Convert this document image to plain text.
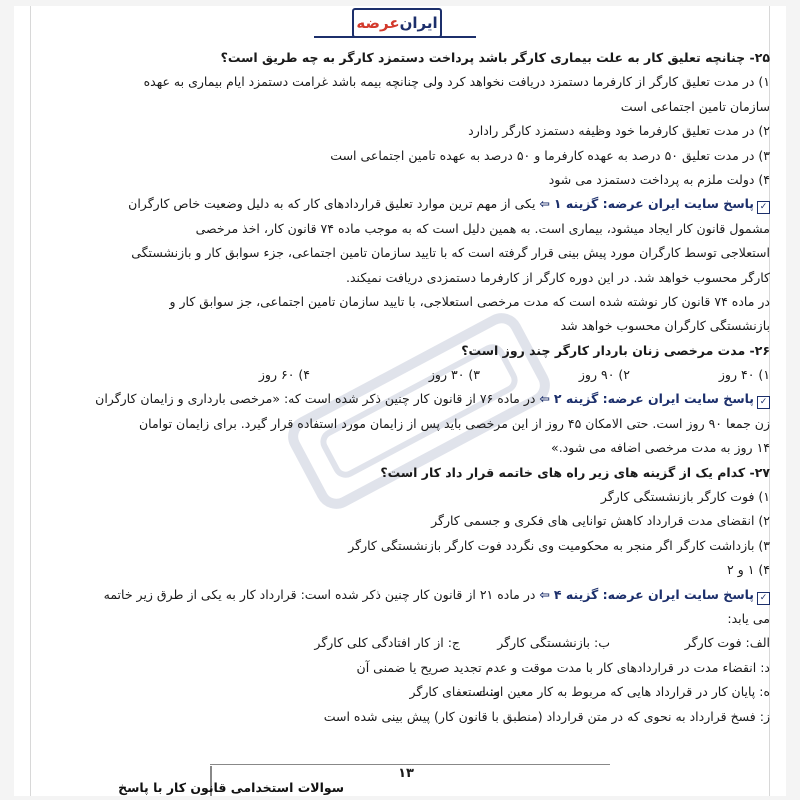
ایران
عرضه
۲۵- چنانچه تعلیق کار به علت بیماری کارگر باشد پرداخت دستمزد کارگر به چه طریق است؟
۱) در مدت تعلیق کارگر از کارفرما دستمزد دریافت نخواهد کرد ولی چنانچه بیمه باشد غرامت دستمزد ایام بیماری به عهده
سازمان تامین اجتماعی است
۲) در مدت تعلیق کارفرما خود وظیفه دستمزد کارگر رادارد
۳) در مدت تعلیق ۵۰ درصد به عهده کارفرما و ۵۰ درصد به عهده تامین اجتماعی است
۴) دولت ملزم به پرداخت دستمزد می شود
✓پاسخ سایت ایران عرضه: گزینه ۱ ⇦ یکی از مهم ترین موارد تعلیق قراردادهای کار که به دلیل وضعیت خاص کارگران
مشمول قانون کار ایجاد میشود، بیماری است. به همین دلیل است که به موجب ماده ۷۴ قانون کار، اخذ مرخصی
استعلاجی توسط کارگران مورد پیش بینی قرار گرفته است که با تایید سازمان تامین اجتماعی، جزء سوابق کار و بازنشستگی
کارگر محسوب خواهد شد. در این دوره کارگر از کارفرما دستمزدی دریافت نمیکند.
در ماده ۷۴ قانون کار نوشته شده است که مدت مرخصی استعلاجی، با تایید سازمان تامین اجتماعی، جز سوابق کار و
بازنشستگی کارگران محسوب خواهد شد
۲۶- مدت مرخصی زنان باردار کارگر چند روز است؟
۱) ۴۰ روز
۲) ۹۰ روز
۳) ۳۰ روز
۴) ۶۰ روز
✓پاسخ سایت ایران عرضه: گزینه ۲ ⇦ در ماده ۷۶ از قانون کار چنین ذکر شده است که: «مرخصی بارداری و زایمان کارگران
زن جمعا ۹۰ روز است. حتی الامکان ۴۵ روز از این مرخصی باید پس از زایمان مورد استفاده قرار گیرد. برای زایمان توامان
۱۴ روز به مدت مرخصی اضافه می شود.»
۲۷- کدام یک از گزینه های زیر راه های خاتمه قرار داد کار است؟
۱) فوت کارگر بازنشستگی کارگر
۲) انقضای مدت قرارداد کاهش توانایی های فکری و جسمی کارگر
۳) بازداشت کارگر اگر منجر به محکومیت وی نگردد فوت کارگر بازنشستگی کارگر
۴) ۱ و ۲
✓پاسخ سایت ایران عرضه: گزینه ۴ ⇦ در ماده ۲۱ از قانون کار چنین ذکر شده است: قرارداد کار به یکی از طرق زیر خاتمه
می یابد:
الف: فوت کارگر
ب: بازنشستگی کارگر
ج: از کار افتادگی کلی کارگر
د: انقضاء مدت در قراردادهای کار با مدت موقت و عدم تجدید صریح یا ضمنی آن
ه: پایان کار در قرارداد هایی که مربوط به کار معین است
و: استعفای کارگر
ز: فسخ قرارداد به نحوی که در متن قرارداد (منطبق با قانون کار) پیش بینی شده است
۱۳
سوالات استخدامی قانون کار با پاسخ
